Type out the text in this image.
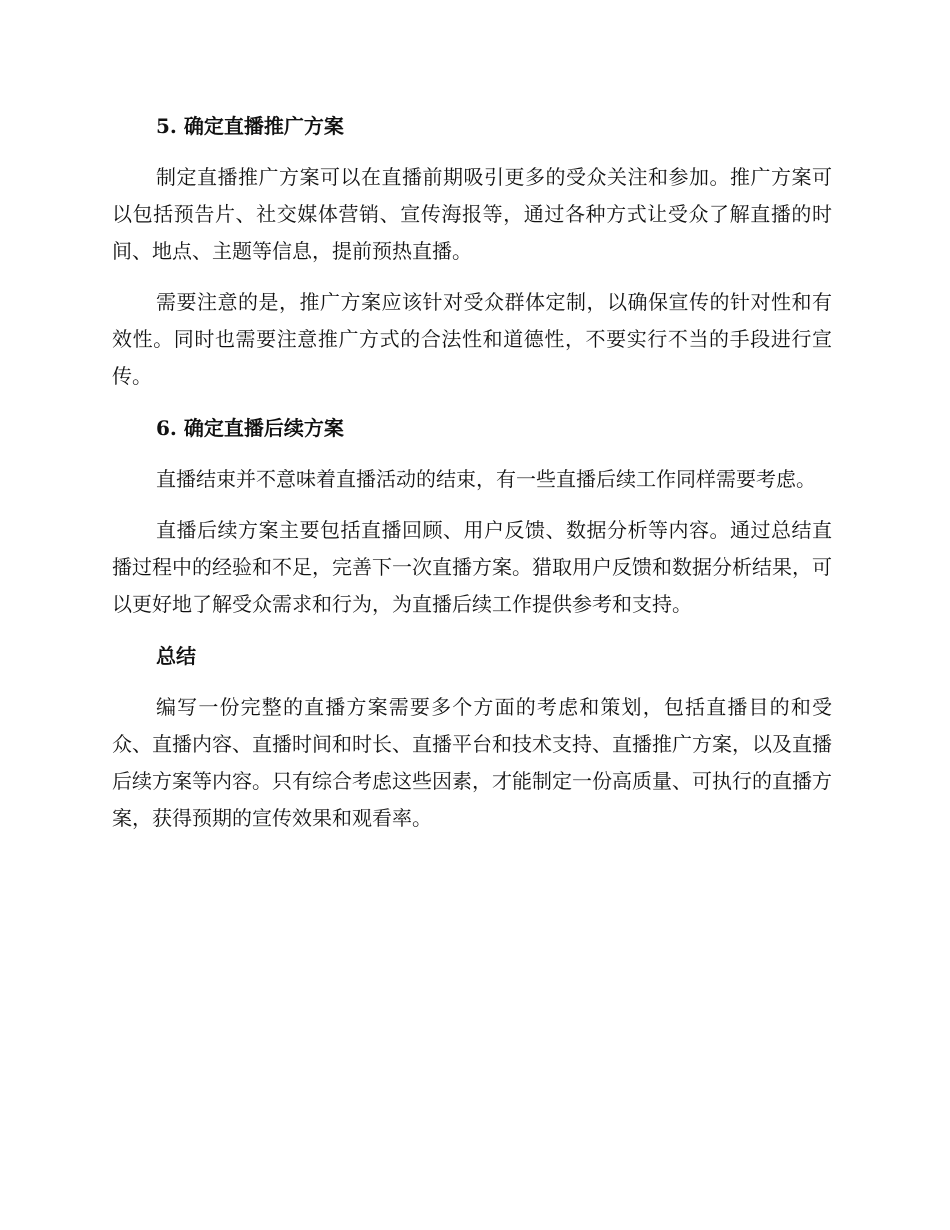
5. 确定直播推广方案

制定直播推广方案可以在直播前期吸引更多的受众关注和参加。推广方案可以包括预告片、社交媒体营销、宣传海报等，通过各种方式让受众了解直播的时间、地点、主题等信息，提前预热直播。

需要注意的是，推广方案应该针对受众群体定制，以确保宣传的针对性和有效性。同时也需要注意推广方式的合法性和道德性，不要实行不当的手段进行宣传。

6. 确定直播后续方案

直播结束并不意味着直播活动的结束，有一些直播后续工作同样需要考虑。

直播后续方案主要包括直播回顾、用户反馈、数据分析等内容。通过总结直播过程中的经验和不足，完善下一次直播方案。猎取用户反馈和数据分析结果，可以更好地了解受众需求和行为，为直播后续工作提供参考和支持。

总结

编写一份完整的直播方案需要多个方面的考虑和策划，包括直播目的和受众、直播内容、直播时间和时长、直播平台和技术支持、直播推广方案，以及直播后续方案等内容。只有综合考虑这些因素，才能制定一份高质量、可执行的直播方案，获得预期的宣传效果和观看率。
